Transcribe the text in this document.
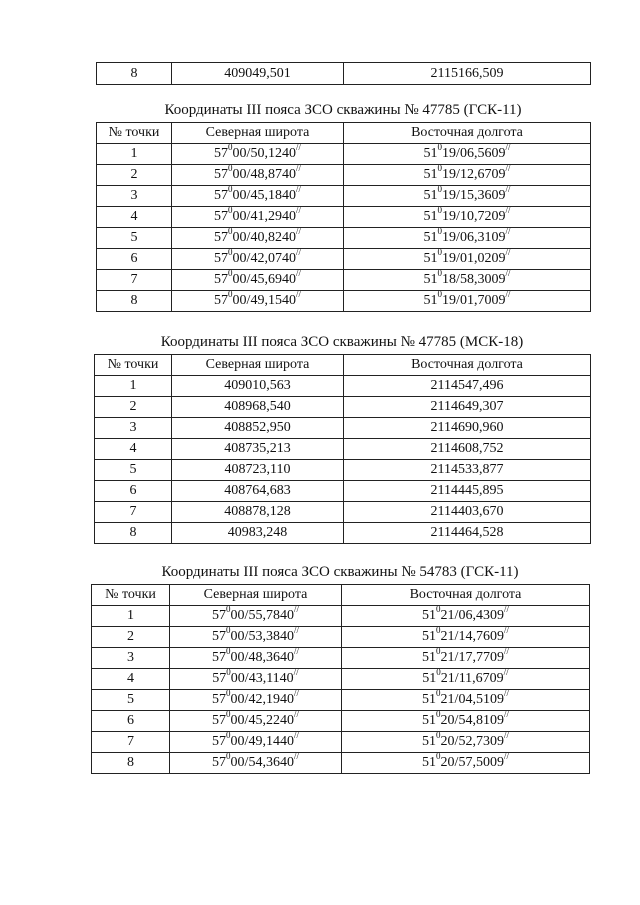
8	409049,501	2115166,509
Координаты III пояса ЗСО скважины № 47785 (ГСК-11)
№ точки	Северная широта	Восточная долгота
1	$57^000/50,1240^{//}$	$51^019/06,5609^{//}$
2	$57^000/48,8740^{//}$	$51^019/12,6709^{//}$
3	$57^000/45,1840^{//}$	$51^019/15,3609^{//}$
4	$57^000/41,2940^{//}$	$51^019/10,7209^{//}$
5	$57^000/40,8240^{//}$	$51^019/06,3109^{//}$
6	$57^000/42,0740^{//}$	$51^019/01,0209^{//}$
7	$57^000/45,6940^{//}$	$51^018/58,3009^{//}$
8	$57^000/49,1540^{//}$	$51^019/01,7009^{//}$
Координаты III пояса ЗСО скважины № 47785 (МСК-18)
№ точки	Северная широта	Восточная долгота
1	409010,563	2114547,496
2	408968,540	2114649,307
3	408852,950	2114690,960
4	408735,213	2114608,752
5	408723,110	2114533,877
6	408764,683	2114445,895
7	408878,128	2114403,670
8	40983,248	2114464,528
Координаты III пояса ЗСО скважины № 54783 (ГСК-11)
№ точки	Северная широта	Восточная долгота
1	$57^000/55,7840^{//}$	$51^021/06,4309^{//}$
2	$57^000/53,3840^{//}$	$51^021/14,7609^{//}$
3	$57^000/48,3640^{//}$	$51^021/17,7709^{//}$
4	$57^000/43,1140^{//}$	$51^021/11,6709^{//}$
5	$57^000/42,1940^{//}$	$51^021/04,5109^{//}$
6	$57^000/45,2240^{//}$	$51^020/54,8109^{//}$
7	$57^000/49,1440^{//}$	$51^020/52,7309^{//}$
8	$57^000/54,3640^{//}$	$51^020/57,5009^{//}$
